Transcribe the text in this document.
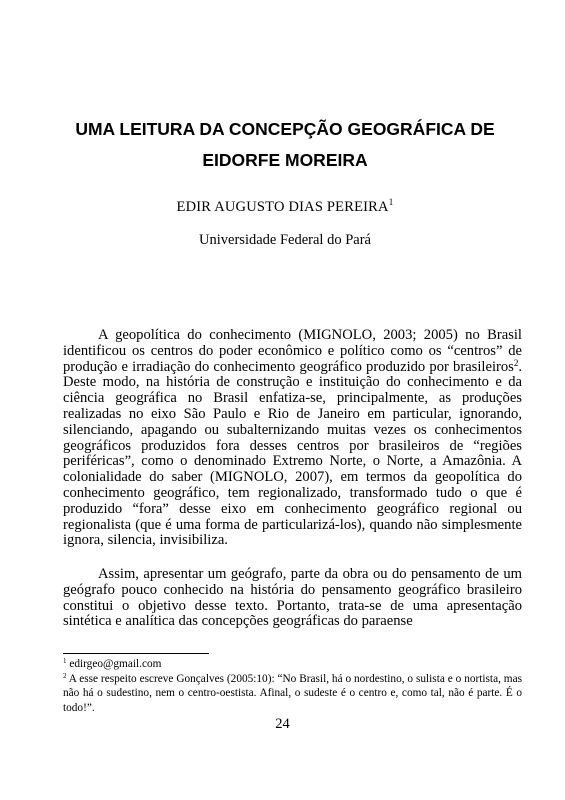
UMA LEITURA DA CONCEPÇÃO GEOGRÁFICA DE
EIDORFE MOREIRA
EDIR AUGUSTO DIAS PEREIRA$^1$
Universidade Federal do Pará

A geopolítica do conhecimento (MIGNOLO, 2003; 2005) no Brasil identificou os centros do poder econômico e político como os “centros” de produção e irradiação do conhecimento geográfico produzido por brasileiros$^2$. Deste modo, na história de construção e instituição do conhecimento e da ciência geográfica no Brasil enfatiza-se, principalmente, as produções realizadas no eixo São Paulo e Rio de Janeiro em particular, ignorando, silenciando, apagando ou subalternizando muitas vezes os conhecimentos geográficos produzidos fora desses centros por brasileiros de “regiões periféricas”, como o denominado Extremo Norte, o Norte, a Amazônia. A colonialidade do saber (MIGNOLO, 2007), em termos da geopolítica do conhecimento geográfico, tem regionalizado, transformado tudo o que é produzido “fora” desse eixo em conhecimento geográfico regional ou regionalista (que é uma forma de particularizá-los), quando não simplesmente ignora, silencia, invisibiliza.

Assim, apresentar um geógrafo, parte da obra ou do pensamento de um geógrafo pouco conhecido na história do pensamento geográfico brasileiro constitui o objetivo desse texto. Portanto, trata-se de uma apresentação sintética e analítica das concepções geográficas do paraense

$^1$ edirgeo@gmail.com

$^2$ A esse respeito escreve Gonçalves (2005:10): “No Brasil, há o nordestino, o sulista e o nortista, mas não há o sudestino, nem o centro-oestista. Afinal, o sudeste é o centro e, como tal, não é parte. É o todo!”.

24
